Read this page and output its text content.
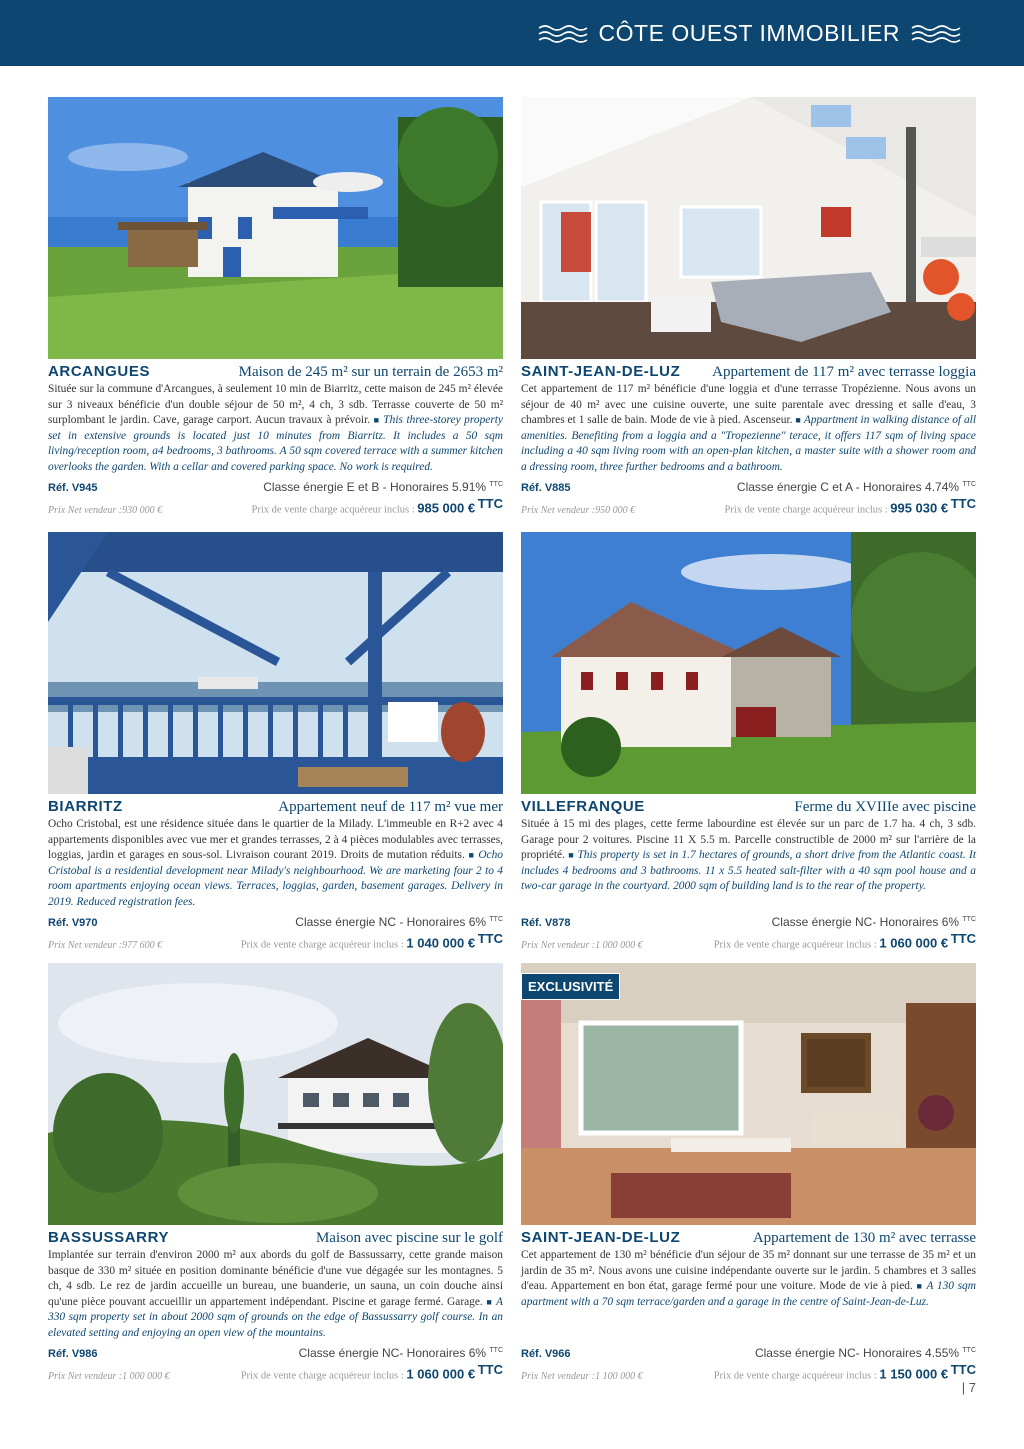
CÔTE OUEST IMMOBILIER
ARCANGUES	Maison de 245 m² sur un terrain de 2653 m²
Située sur la commune d'Arcangues, à seulement 10 min de Biarritz, cette maison de 245 m² élevée sur 3 niveaux bénéficie d'un double séjour de 50 m², 4 ch, 3 sdb. Terrasse couverte de 50 m² surplombant le jardin. Cave, garage carport. Aucun travaux à prévoir. ■ This three-storey property set in extensive grounds is located just 10 minutes from Biarritz. It includes a 50 sqm living/reception room, a4 bedrooms, 3 bathrooms. A 50 sqm covered terrace with a summer kitchen overlooks the garden. With a cellar and covered parking space. No work is required.
Réf. V945	Classe énergie E et B - Honoraires 5.91% $^{TTC}$
Prix Net vendeur :930 000 €	Prix de vente charge acquéreur inclus : 985 000 € $^{TTC}$
SAINT-JEAN-DE-LUZ Appartement de 117 m² avec terrasse loggia
Cet appartement de 117 m² bénéficie d'une loggia et d'une terrasse Tropézienne. Nous avons un séjour de 40 m² avec une cuisine ouverte, une suite parentale avec dressing et salle d'eau, 3 chambres et 1 salle de bain. Mode de vie à pied. Ascenseur. ■ Appartment in walking distance of all amenities. Benefiting from a loggia and a "Tropezienne" terace, it offers 117 sqm of living space including a 40 sqm living room with an open-plan kitchen, a master suite with a shower room and a dressing room, three further bedrooms and a bathroom.
Réf. V885	Classe énergie C et A - Honoraires 4.74% $^{TTC}$
Prix Net vendeur :950 000 €	Prix de vente charge acquéreur inclus : 995 030 € $^{TTC}$
BIARRITZ	Appartement neuf de 117 m² vue mer
Ocho Cristobal, est une résidence située dans le quartier de la Milady. L'immeuble en R+2 avec 4 appartements disponibles avec vue mer et grandes terrasses, 2 à 4 pièces modulables avec terrasses, loggias, jardin et garages en sous-sol. Livraison courant 2019. Droits de mutation réduits. ■ Ocho Cristobal is a residential development near Milady's neighbourhood. We are marketing four 2 to 4 room apartments enjoying ocean views. Terraces, loggias, garden, basement garages. Delivery in 2019. Reduced registration fees.
Réf. V970	Classe énergie NC - Honoraires 6% $^{TTC}$
Prix Net vendeur :977 600 €	Prix de vente charge acquéreur inclus : 1 040 000 € $^{TTC}$
VILLEFRANQUE	Ferme du XVIIIe avec piscine
Située à 15 mi des plages, cette ferme labourdine est élevée sur un parc de 1.7 ha. 4 ch, 3 sdb. Garage pour 2 voitures. Piscine 11 X 5.5 m. Parcelle constructible de 2000 m² sur l'arrière de la propriété. ■ This property is set in 1.7 hectares of grounds, a short drive from the Atlantic coast. It includes 4 bedrooms and 3 bathrooms. 11 x 5.5 heated salt-filter with a 40 sqm pool house and a two-car garage in the courtyard. 2000 sqm of building land is to the rear of the property.
Réf. V878	Classe énergie NC- Honoraires 6% $^{TTC}$
Prix Net vendeur :1 000 000 €	Prix de vente charge acquéreur inclus : 1 060 000 € $^{TTC}$
BASSUSSARRY	Maison avec piscine sur le golf
Implantée sur terrain d'environ 2000 m² aux abords du golf de Bassussarry, cette grande maison basque de 330 m² située en position dominante bénéficie d'une vue dégagée sur les montagnes. 5 ch, 4 sdb. Le rez de jardin accueille un bureau, une buanderie, un sauna, un coin douche ainsi qu'une pièce pouvant accueillir un appartement indépendant. Piscine et garage fermé. Garage. ■ A 330 sqm property set in about 2000 sqm of grounds on the edge of Bassussarry golf course. In an elevated setting and enjoying an open view of the mountains.
Réf. V986	Classe énergie NC- Honoraires 6% $^{TTC}$
Prix Net vendeur :1 000 000 €	Prix de vente charge acquéreur inclus : 1 060 000 € $^{TTC}$
EXCLUSIVITÉ
SAINT-JEAN-DE-LUZ	Appartement de 130 m² avec terrasse
Cet appartement de 130 m² bénéficie d'un séjour de 35 m² donnant sur une terrasse de 35 m² et un jardin de 35 m². Nous avons une cuisine indépendante ouverte sur le jardin. 5 chambres et 3 salles d'eau. Appartement en bon état, garage fermé pour une voiture. Mode de vie à pied. ■ A 130 sqm apartment with a 70 sqm terrace/garden and a garage in the centre of Saint-Jean-de-Luz.
Réf. V966	Classe énergie NC- Honoraires 4.55% $^{TTC}$
Prix Net vendeur :1 100 000 €	Prix de vente charge acquéreur inclus : 1 150 000 € $^{TTC}$
| 7
